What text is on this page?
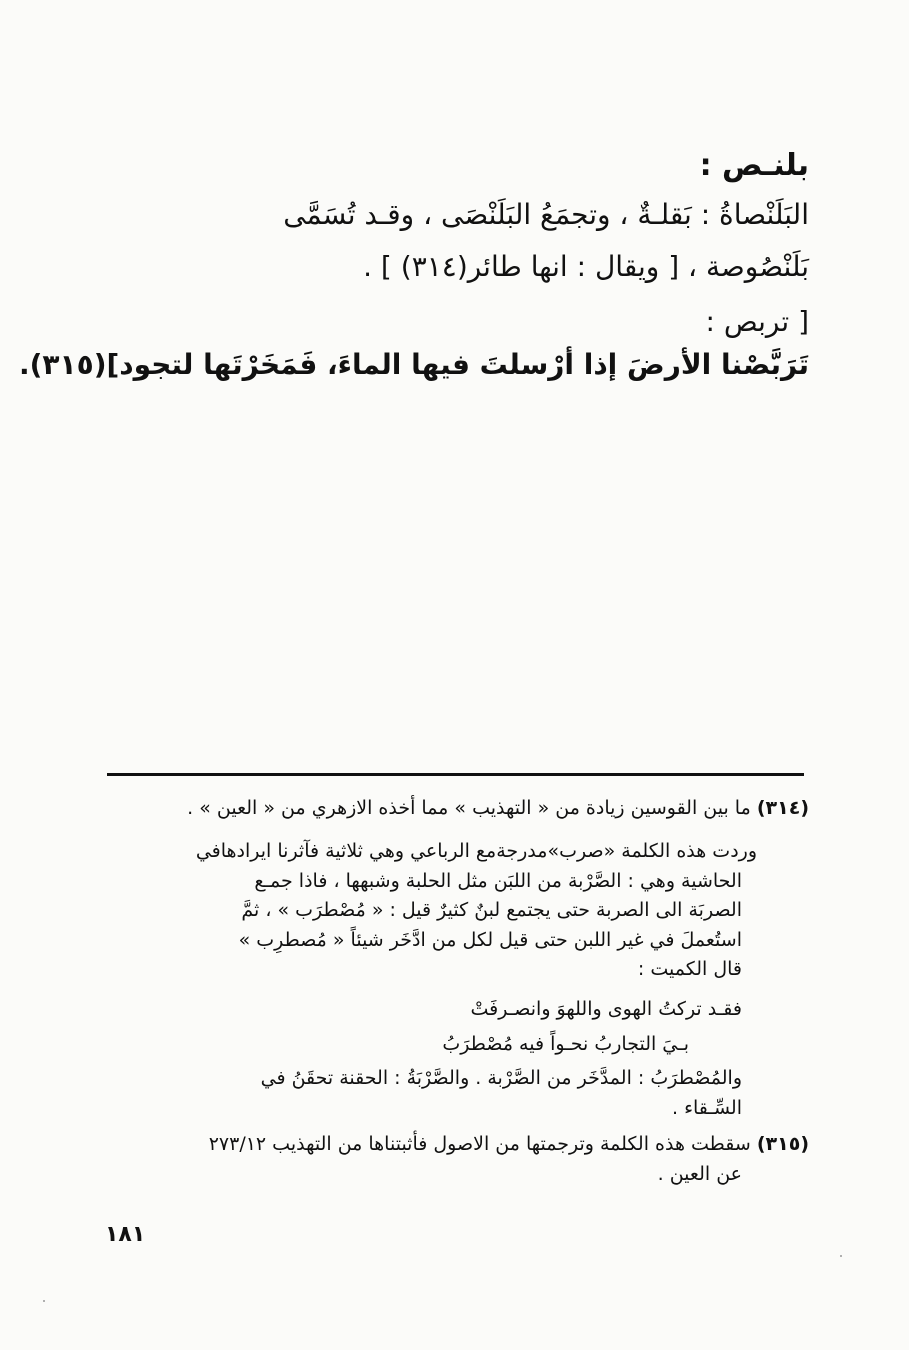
بلنـص :
البَلَنْصاةُ : بَقلـةٌ ، وتجمَعُ البَلَنْصَى ، وقـد تُسَمَّى
بَلَنْصُوصة ، [ ويقال : انها طائر(٣١٤) ] .
[ تربص :
تَرَبَّصْنا الأرضَ إذا أرْسلتَ فيها الماءَ، فَمَخَرْتَها لتجود](٣١٥).
(٣١٤) ما بين القوسين زيادة من « التهذيب » مما أخذه الازهري من « العين » .
وردت هذه الكلمة «صرب»مدرجةمع الرباعي وهي ثلاثية فآثرنا ايرادهافي
الحاشية وهي : الصَّرْبة من اللبَن مثل الحلبة وشبهها ، فاذا جمـع
الصربَة الى الصربة حتى يجتمع لبنٌ كثيرٌ قيل : « مُصْطرَب » ، ثمَّ
استُعملَ في غير اللبن حتى قيل لكل من ادَّخَر شيئاً « مُصطرِب »
قال الكميت :
فقـد تركتُ الهوى واللهوَ وانصـرفَتْ
بـيَ التجاربُ نحـواً فيه مُصْطرَبُ
والمُصْطرَبُ : المدَّخَر من الصَّرْبة . والصَّرْبَةُ : الحقنة تحقَنُ في
السِّـقاء .
(٣١٥) سقطت هذه الكلمة وترجمتها من الاصول فأثبتناها من التهذيب ٢٧٣/١٢
عن العين .
١٨١
